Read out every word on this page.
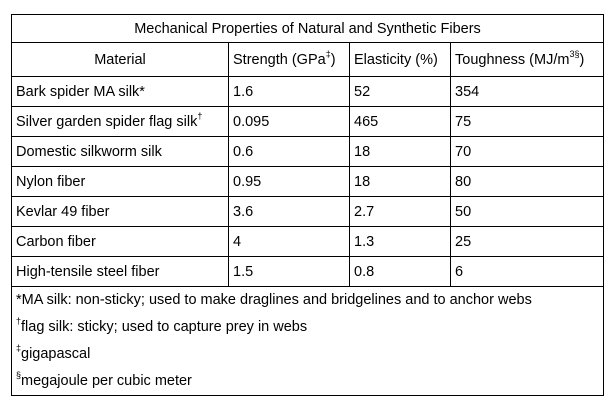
Mechanical Properties of Natural and Synthetic Fibers			
Material	Strength (GPa‡)	Elasticity (%)	Toughness $(MJ/m^{3\S})$
Bark spider MA silk*	1.6	52	354
Silver garden spider flag silk†	0.095	465	75
Domestic silkworm silk	0.6	18	70
Nylon fiber	0.95	18	80
Kevlar 49 fiber	3.6	2.7	50
Carbon fiber	4	1.3	25
High-tensile steel fiber	1.5	0.8	6

*MA silk: non-sticky; used to make draglines and bridgelines and to anchor webs
†flag silk: sticky; used to capture prey in webs
‡gigapascal
§megajoule per cubic meter			
